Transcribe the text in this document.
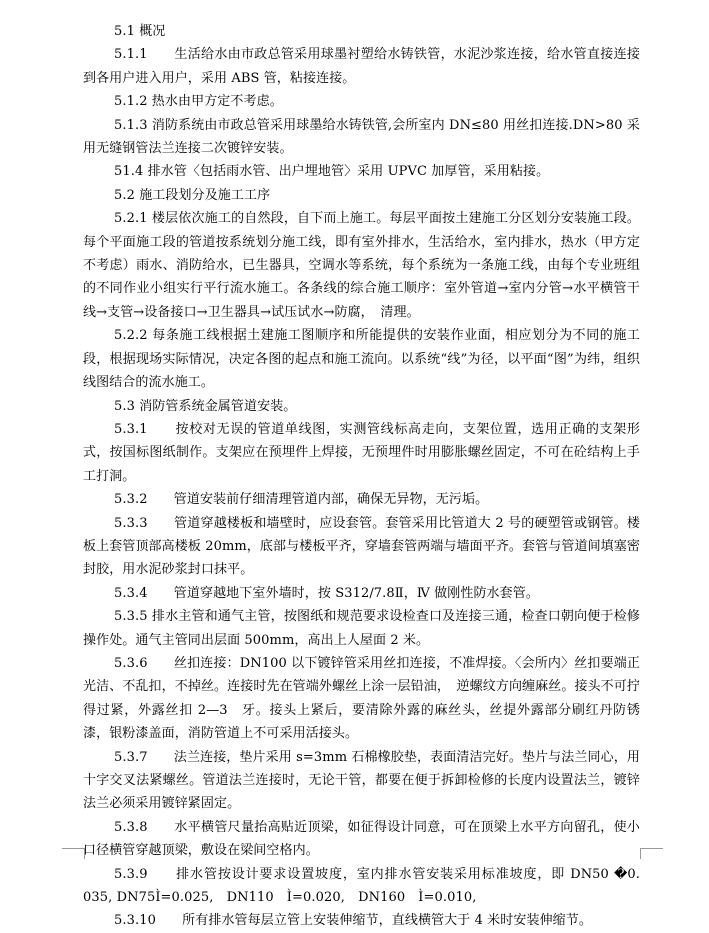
5.1 概况

5.1.1　　生活给水由市政总管采用球墨衬塑给水铸铁管，水泥沙浆连接，给水管直接连接到各用户进入用户，采用 ABS 管，粘接连接。

5.1.2 热水由甲方定不考虑。

5.1.3 消防系统由市政总管采用球墨给水铸铁管,会所室内 DN≤80 用丝扣连接.DN>80 采用无缝钢管法兰连接二次镀锌安装。

51.4 排水管〈包括雨水管、出户埋地管〉采用 UPVC 加厚管，采用粘接。

5.2 施工段划分及施工工序

5.2.1 楼层依次施工的自然段，自下而上施工。每层平面按土建施工分区划分安装施工段。每个平面施工段的管道按系统划分施工线，即有室外排水，生活给水，室内排水，热水（甲方定不考虑）雨水、消防给水，已生器具，空调水等系统，每个系统为一条施工线，由每个专业班组的不同作业小组实行平行流水施工。各条线的综合施工顺序：室外管道→室内分管→水平横管干线→支管→设备接口→卫生器具→试压试水→防腐，　清理。

5.2.2 每条施工线根据土建施工图顺序和所能提供的安装作业面，相应划分为不同的施工段，根据现场实际情况，决定各图的起点和施工流向。以系统“线”为径，以平面“图”为纬，组织线图结合的流水施工。

5.3 消防管系统金属管道安装。

5.3.1　　按校对无误的管道单线图，实测管线标高走向，支架位置，选用正确的支架形式，按国标图纸制作。支架应在预埋件上焊接，无预埋件时用膨胀螺丝固定，不可在砼结构上手工打洞。

5.3.2　　管道安装前仔细清理管道内部，确保无异物，无污垢。

5.3.3　　管道穿越楼板和墙壁时，应设套管。套管采用比管道大 2 号的硬塑管或钢管。楼板上套管顶部高楼板 20mm，底部与楼板平齐，穿墙套管两端与墙面平齐。套管与管道间填塞密封胶，用水泥砂浆封口抹平。

5.3.4　　管道穿越地下室外墙时，按 S312/7.8Ⅱ，Ⅳ 做刚性防水套管。

5.3.5 排水主管和通气主管，按图纸和规范要求设检查口及连接三通，检查口朝向便于检修操作处。通气主管同出层面 500mm，高出上人屋面 2 米。

5.3.6　　丝扣连接：DN100 以下镀锌管采用丝扣连接，不准焊接。〈会所内〉丝扣要端正光洁、不乱扣，不掉丝。连接时先在管端外螺丝上涂一层铅油，　逆螺纹方向缠麻丝。接头不可拧得过紧，外露丝扣 2—3　牙。接头上紧后，要清除外露的麻丝头，丝提外露部分刷红丹防锈漆，银粉漆盖面，消防管道上不可采用活接头。

5.3.7　　法兰连接，垫片采用 s=3mm 石棉橡胶垫，表面清洁完好。垫片与法兰同心，用十字交叉法紧螺丝。管道法兰连接时，无论干管，都要在便于拆卸检修的长度内设置法兰，镀锌法兰必须采用镀锌紧固定。

5.3.8　　水平横管尺量抬高贴近顶梁，如征得设计同意，可在顶梁上水平方向留孔，使小口径横管穿越顶梁，敷设在梁间空格内。

5.3.9　　排水管按设计要求设置坡度，室内排水管安装采用标准坡度，即 DN50 �0. 035, DN75Ì=0.025,　DN110　Ì=0.020,　DN160　Ì=0.010,

5.3.10　　所有排水管每层立管上安装伸缩节，直线横管大于 4 米时安装伸缩节。
